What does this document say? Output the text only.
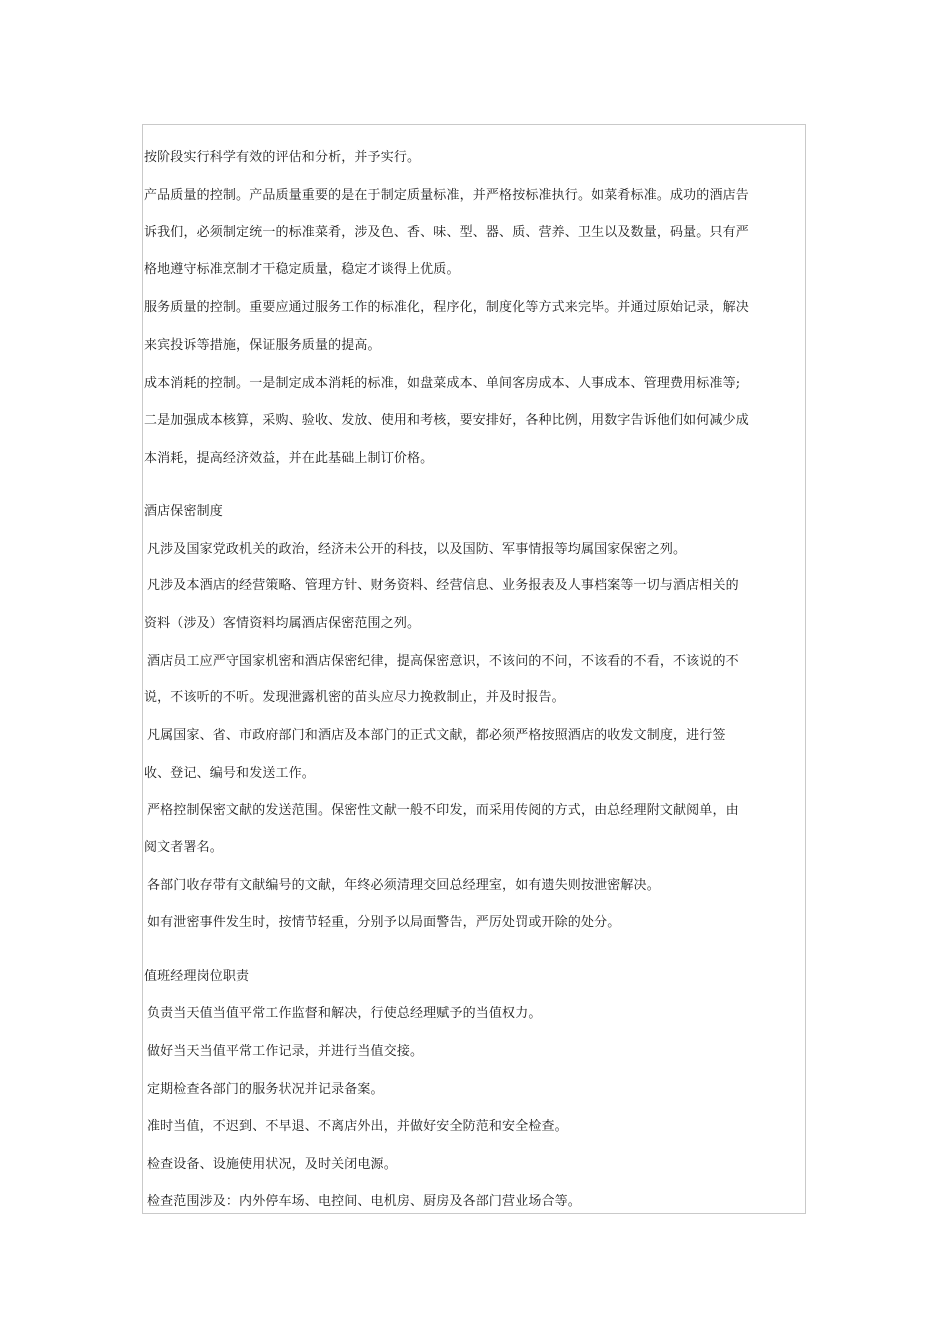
按阶段实行科学有效的评估和分析，并予实行。
产品质量的控制。产品质量重要的是在于制定质量标准，并严格按标准执行。如菜肴标准。成功的酒店告
诉我们，必须制定统一的标准菜肴，涉及色、香、味、型、器、质、营养、卫生以及数量，码量。只有严
格地遵守标准烹制才干稳定质量，稳定才谈得上优质。
服务质量的控制。重要应通过服务工作的标准化，程序化，制度化等方式来完毕。并通过原始记录，解决
来宾投诉等措施，保证服务质量的提高。
成本消耗的控制。一是制定成本消耗的标准，如盘菜成本、单间客房成本、人事成本、管理费用标准等;
二是加强成本核算，采购、验收、发放、使用和考核，要安排好，各种比例，用数字告诉他们如何减少成
本消耗，提高经济效益，并在此基础上制订价格。
酒店保密制度
凡涉及国家党政机关的政治，经济未公开的科技，以及国防、军事情报等均属国家保密之列。
凡涉及本酒店的经营策略、管理方针、财务资料、经营信息、业务报表及人事档案等一切与酒店相关的
资料（涉及）客情资料均属酒店保密范围之列。
酒店员工应严守国家机密和酒店保密纪律，提高保密意识，不该问的不问，不该看的不看，不该说的不
说，不该听的不听。发现泄露机密的苗头应尽力挽救制止，并及时报告。
凡属国家、省、市政府部门和酒店及本部门的正式文献，都必须严格按照酒店的收发文制度，进行签
收、登记、编号和发送工作。
严格控制保密文献的发送范围。保密性文献一般不印发，而采用传阅的方式，由总经理附文献阅单，由
阅文者署名。
各部门收存带有文献编号的文献，年终必须清理交回总经理室，如有遗失则按泄密解决。
如有泄密事件发生时，按情节轻重，分别予以局面警告，严厉处罚或开除的处分。
值班经理岗位职责
负责当天值当值平常工作监督和解决，行使总经理赋予的当值权力。
做好当天当值平常工作记录，并进行当值交接。
定期检查各部门的服务状况并记录备案。
准时当值，不迟到、不早退、不离店外出，并做好安全防范和安全检查。
检查设备、设施使用状况，及时关闭电源。
检查范围涉及：内外停车场、电控间、电机房、厨房及各部门营业场合等。
